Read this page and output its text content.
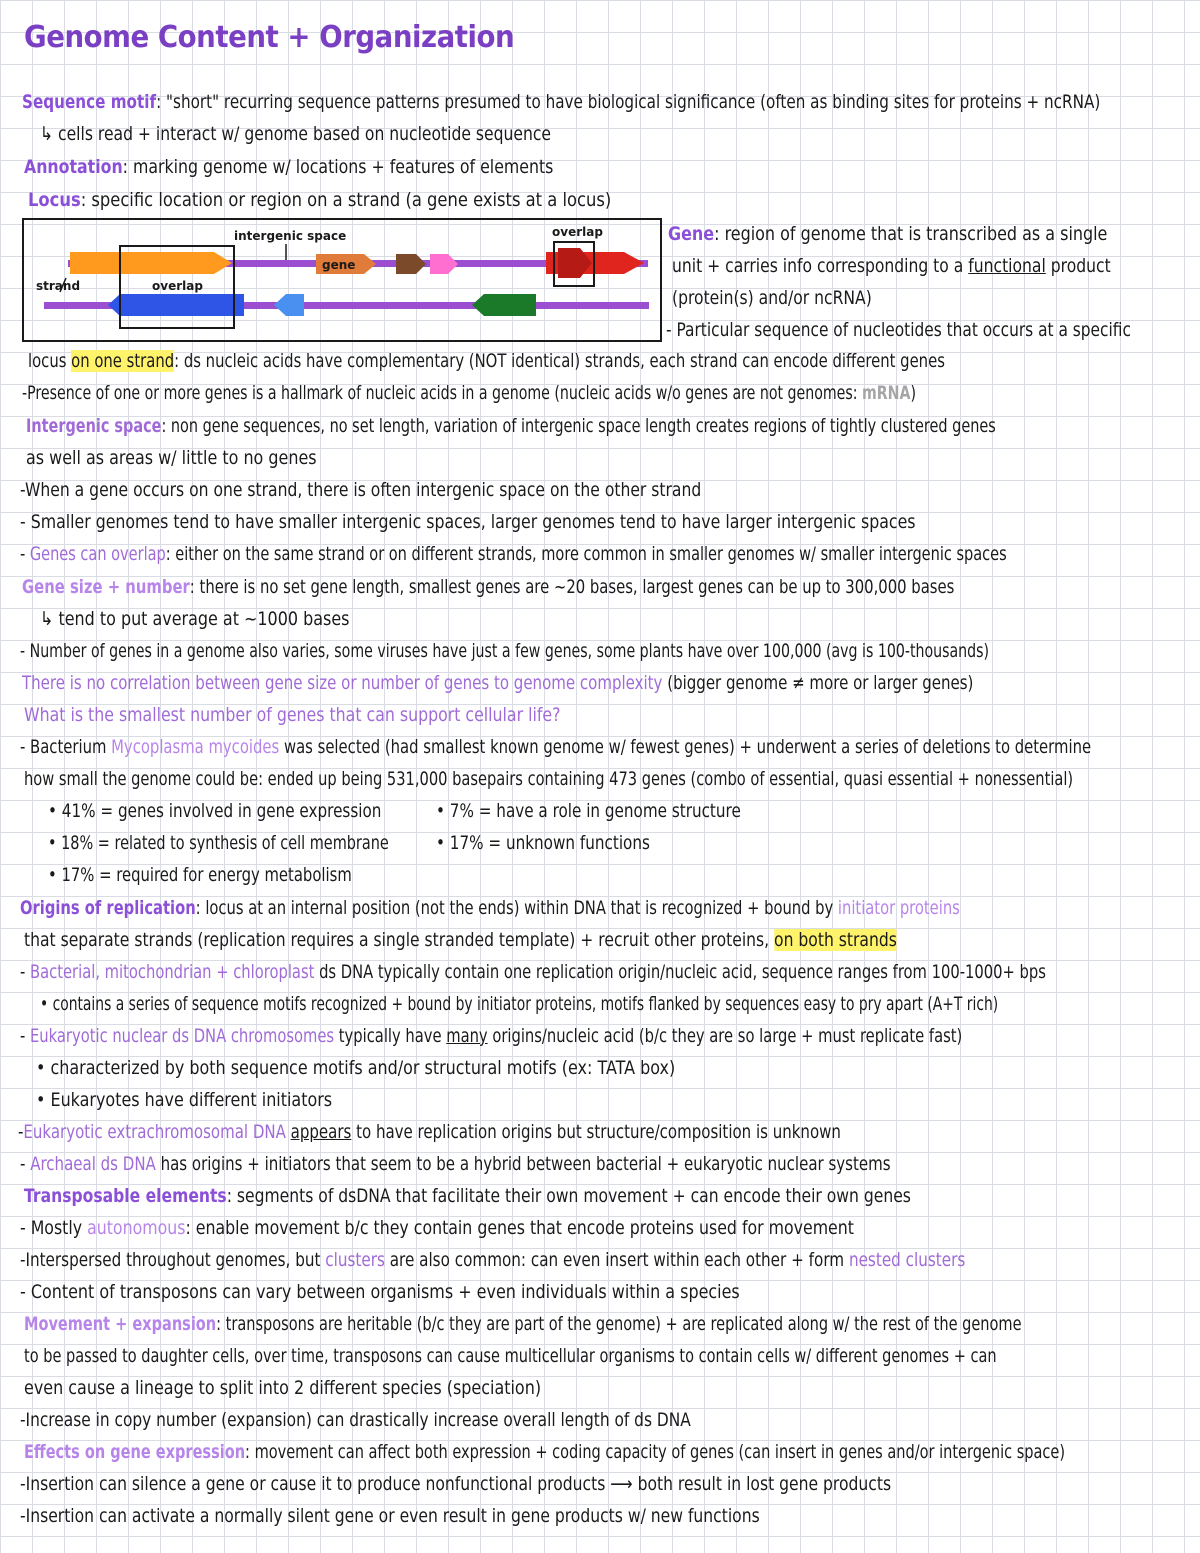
Genome Content + Organization
intergenic space
gene
overlap
overlap
strand
Sequence motif: "short" recurring sequence patterns presumed to have biological significance (often as binding sites for proteins + ncRNA)
↳ cells read + interact w/ genome based on nucleotide sequence
Annotation: marking genome w/ locations + features of elements
Locus: specific location or region on a strand (a gene exists at a locus)
Gene: region of genome that is transcribed as a single
unit + carries info corresponding to a functional product
(protein(s) and/or ncRNA)
- Particular sequence of nucleotides that occurs at a specific
locus on one strand: ds nucleic acids have complementary (NOT identical) strands, each strand can encode different genes
-Presence of one or more genes is a hallmark of nucleic acids in a genome (nucleic acids w/o genes are not genomes: mRNA)
Intergenic space: non gene sequences, no set length, variation of intergenic space length creates regions of tightly clustered genes
as well as areas w/ little to no genes
-When a gene occurs on one strand, there is often intergenic space on the other strand
- Smaller genomes tend to have smaller intergenic spaces, larger genomes tend to have larger intergenic spaces
- Genes can overlap: either on the same strand or on different strands, more common in smaller genomes w/ smaller intergenic spaces
Gene size + number: there is no set gene length, smallest genes are ~20 bases, largest genes can be up to 300,000 bases
↳ tend to put average at ~1000 bases
- Number of genes in a genome also varies, some viruses have just a few genes, some plants have over 100,000 (avg is 100-thousands)
There is no correlation between gene size or number of genes to genome complexity (bigger genome ≠ more or larger genes)
What is the smallest number of genes that can support cellular life?
- Bacterium Mycoplasma mycoides was selected (had smallest known genome w/ fewest genes) + underwent a series of deletions to determine
how small the genome could be: ended up being 531,000 basepairs containing 473 genes (combo of essential, quasi essential + nonessential)
• 41% = genes involved in gene expression	• 7% = have a role in genome structure
• 18% = related to synthesis of cell membrane • 17% = unknown functions
• 17% = required for energy metabolism
Origins of replication: locus at an internal position (not the ends) within DNA that is recognized + bound by initiator proteins
that separate strands (replication requires a single stranded template) + recruit other proteins, on both strands
- Bacterial, mitochondrian + chloroplast ds DNA typically contain one replication origin/nucleic acid, sequence ranges from 100-1000+ bps
• contains a series of sequence motifs recognized + bound by initiator proteins, motifs flanked by sequences easy to pry apart (A+T rich)
- Eukaryotic nuclear ds DNA chromosomes typically have many origins/nucleic acid (b/c they are so large + must replicate fast)
• characterized by both sequence motifs and/or structural motifs (ex: TATA box)
• Eukaryotes have different initiators
-Eukaryotic extrachromosomal DNA appears to have replication origins but structure/composition is unknown
- Archaeal ds DNA has origins + initiators that seem to be a hybrid between bacterial + eukaryotic nuclear systems
Transposable elements: segments of dsDNA that facilitate their own movement + can encode their own genes
- Mostly autonomous: enable movement b/c they contain genes that encode proteins used for movement
-Interspersed throughout genomes, but clusters are also common: can even insert within each other + form nested clusters
- Content of transposons can vary between organisms + even individuals within a species
Movement + expansion: transposons are heritable (b/c they are part of the genome) + are replicated along w/ the rest of the genome
to be passed to daughter cells, over time, transposons can cause multicellular organisms to contain cells w/ different genomes + can
even cause a lineage to split into 2 different species (speciation)
-Increase in copy number (expansion) can drastically increase overall length of ds DNA
Effects on gene expression: movement can affect both expression + coding capacity of genes (can insert in genes and/or intergenic space)
-Insertion can silence a gene or cause it to produce nonfunctional products ⟶ both result in lost gene products
-Insertion can activate a normally silent gene or even result in gene products w/ new functions
